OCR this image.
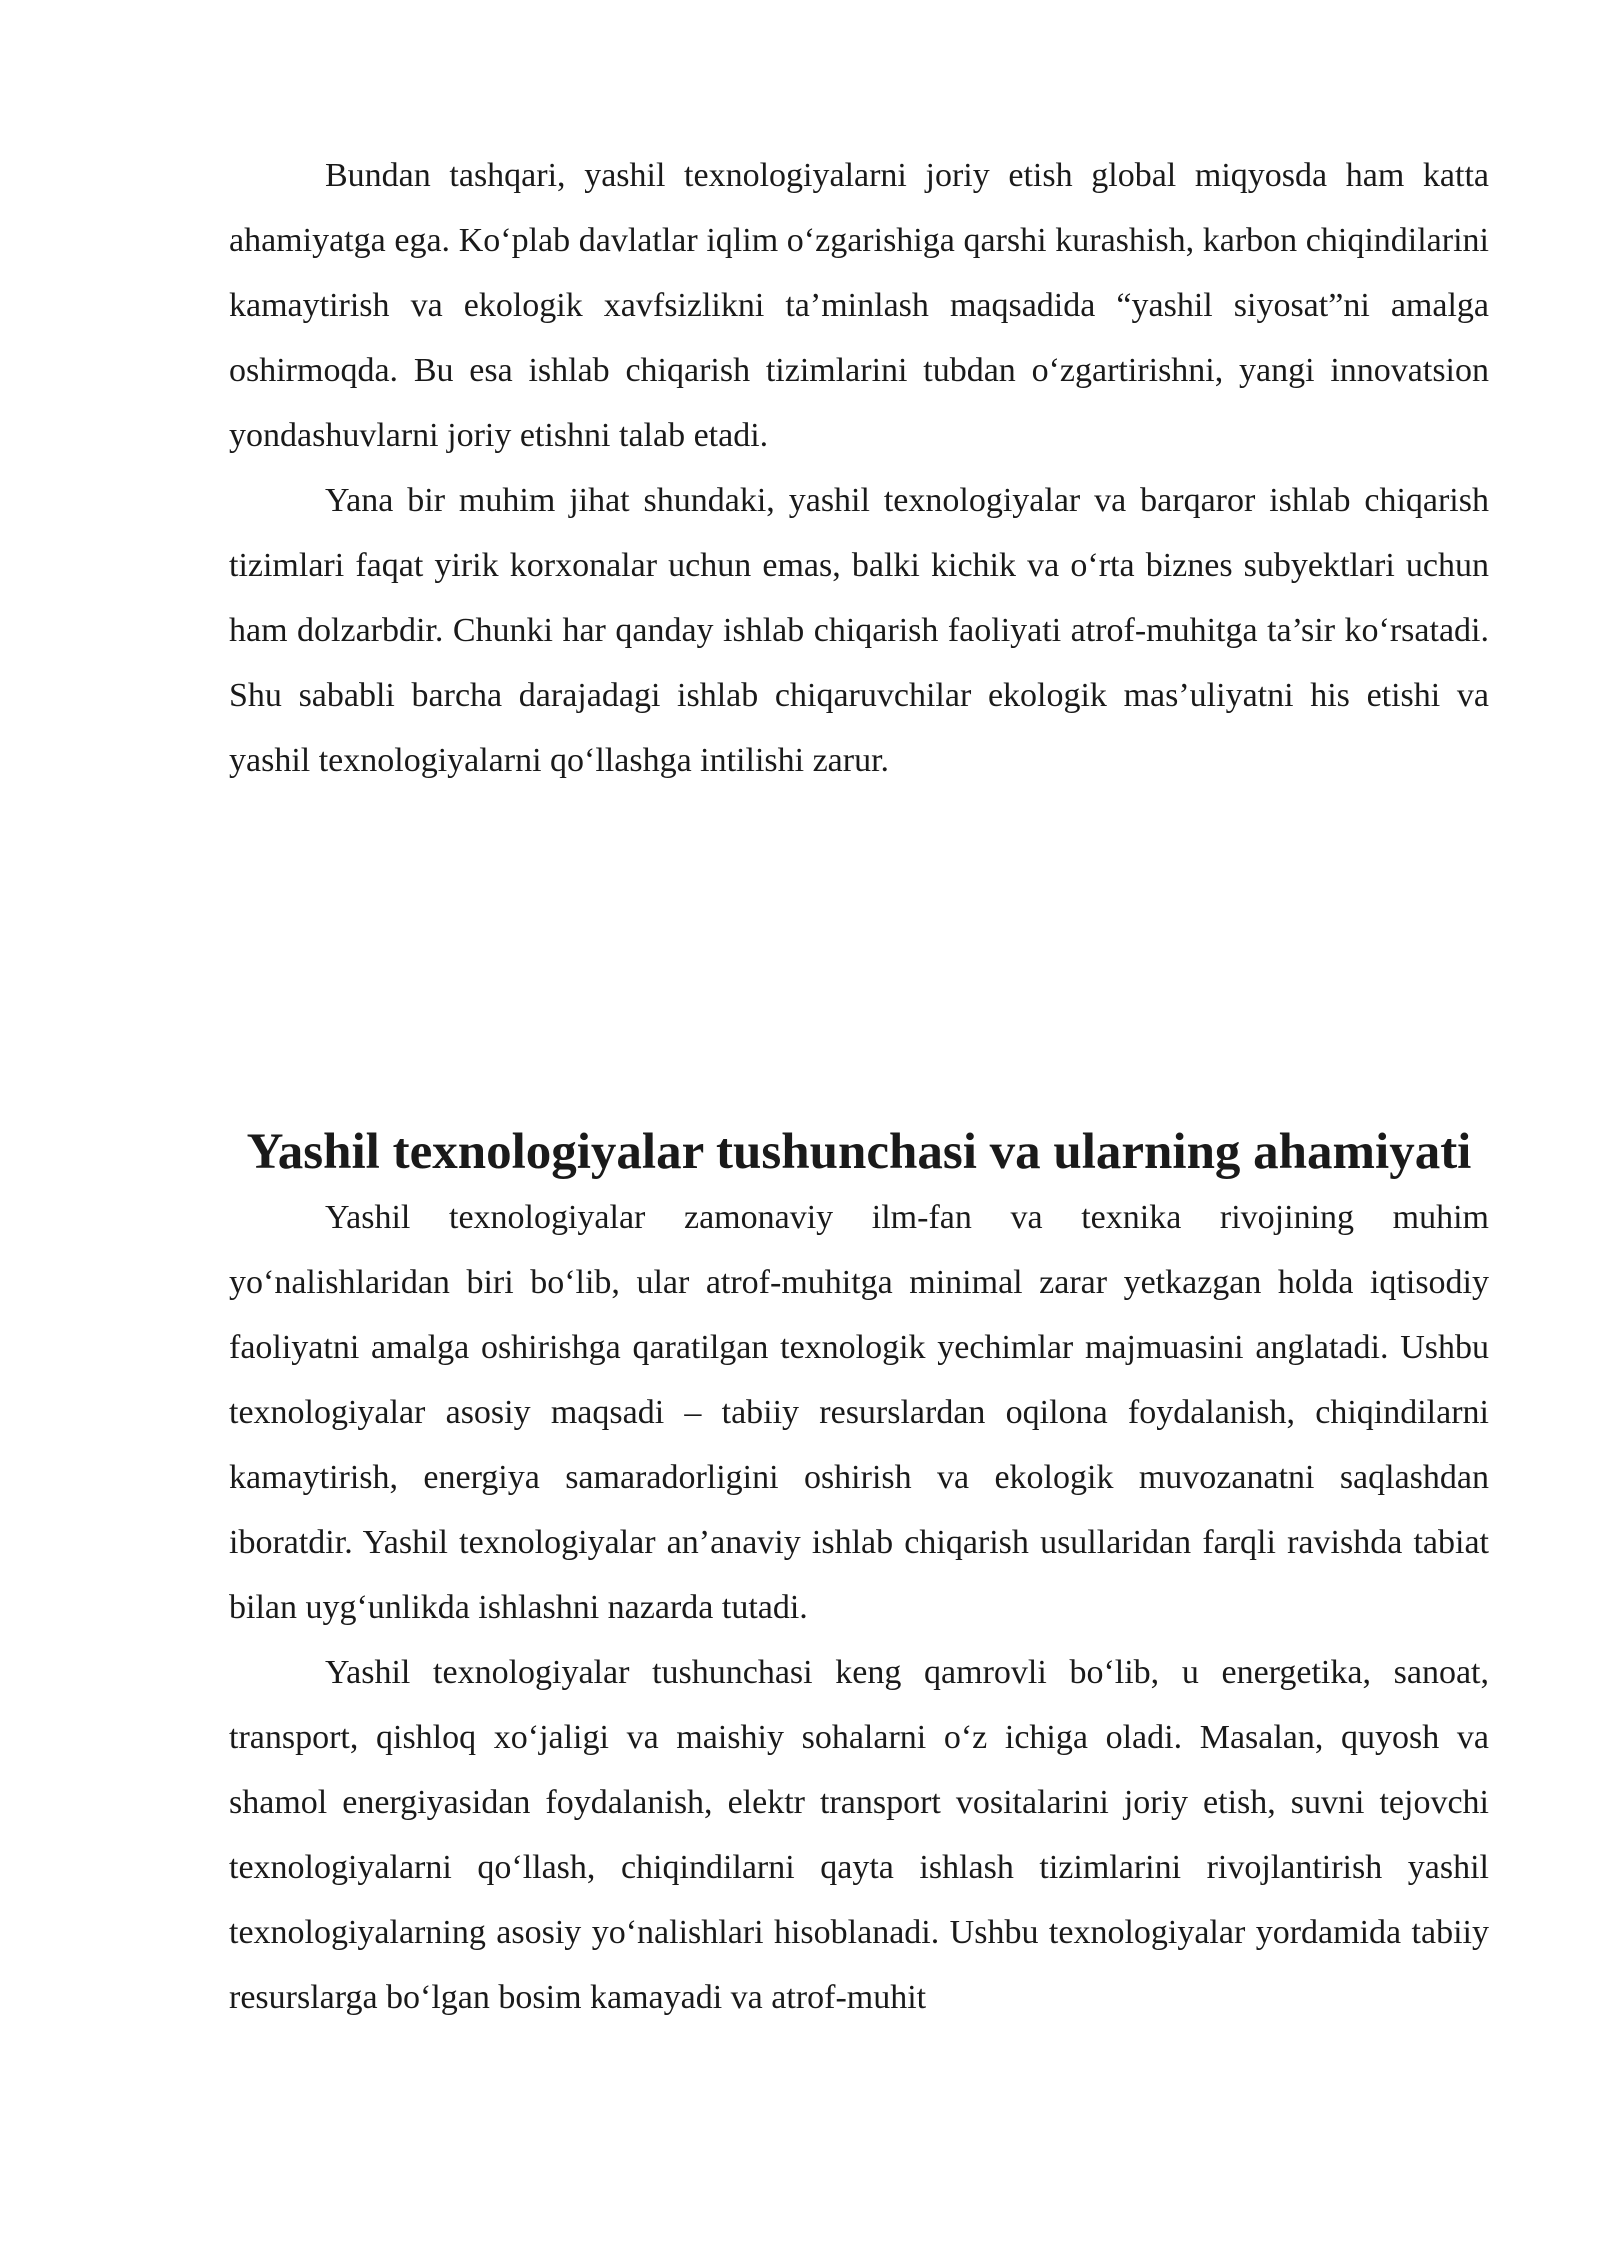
Bundan tashqari, yashil texnologiyalarni joriy etish global miqyosda ham katta ahamiyatga ega. Ko‘plab davlatlar iqlim o‘zgarishiga qarshi kurashish, karbon chiqindilarini kamaytirish va ekologik xavfsizlikni ta’minlash maqsadida “yashil siyosat”ni amalga oshirmoqda. Bu esa ishlab chiqarish tizimlarini tubdan o‘zgartirishni, yangi innovatsion yondashuvlarni joriy etishni talab etadi.

Yana bir muhim jihat shundaki, yashil texnologiyalar va barqaror ishlab chiqarish tizimlari faqat yirik korxonalar uchun emas, balki kichik va o‘rta biznes subyektlari uchun ham dolzarbdir. Chunki har qanday ishlab chiqarish faoliyati atrof-muhitga ta’sir ko‘rsatadi. Shu sababli barcha darajadagi ishlab chiqaruvchilar ekologik mas’uliyatni his etishi va yashil texnologiyalarni qo‘llashga intilishi zarur.

Yashil texnologiyalar tushunchasi va ularning ahamiyati

Yashil texnologiyalar zamonaviy ilm-fan va texnika rivojining muhim yo‘nalishlaridan biri bo‘lib, ular atrof-muhitga minimal zarar yetkazgan holda iqtisodiy faoliyatni amalga oshirishga qaratilgan texnologik yechimlar majmuasini anglatadi. Ushbu texnologiyalar asosiy maqsadi – tabiiy resurslardan oqilona foydalanish, chiqindilarni kamaytirish, energiya samaradorligini oshirish va ekologik muvozanatni saqlashdan iboratdir. Yashil texnologiyalar an’anaviy ishlab chiqarish usullaridan farqli ravishda tabiat bilan uyg‘unlikda ishlashni nazarda tutadi.

Yashil texnologiyalar tushunchasi keng qamrovli bo‘lib, u energetika, sanoat, transport, qishloq xo‘jaligi va maishiy sohalarni o‘z ichiga oladi. Masalan, quyosh va shamol energiyasidan foydalanish, elektr transport vositalarini joriy etish, suvni tejovchi texnologiyalarni qo‘llash, chiqindilarni qayta ishlash tizimlarini rivojlantirish yashil texnologiyalarning asosiy yo‘nalishlari hisoblanadi. Ushbu texnologiyalar yordamida tabiiy resurslarga bo‘lgan bosim kamayadi va atrof-muhit
